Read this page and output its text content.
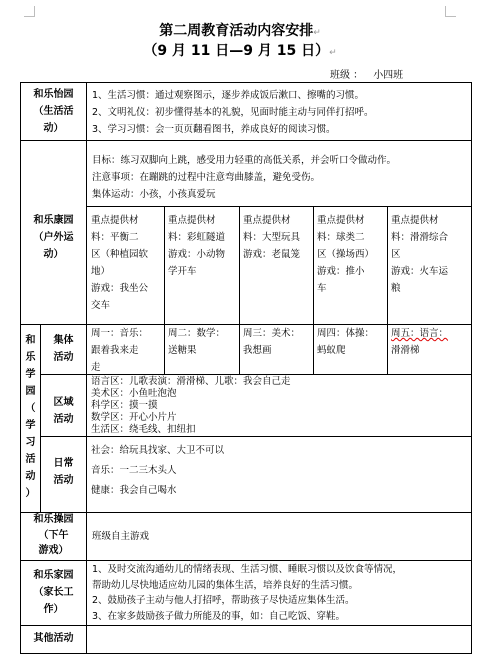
第二周教育活动内容安排↵
（9 月 11 日—9 月 15 日）↵
班级 ： 小四班
和乐怡园
（生活活
动）
1、生活习惯：通过观察图示，逐步养成饭后漱口、擦嘴的习惯。
2、文明礼仪：初步懂得基本的礼貌，见面时能主动与同伴打招呼。
3、学习习惯：会一页页翻看图书，养成良好的阅读习惯。
和乐康园
（户外运
动）
目标：练习双脚向上跳，感受用力轻重的高低关系，并会听口令做动作。
注意事项：在蹦跳的过程中注意弯曲膝盖，避免受伤。
集体运动：小孩，小孩真爱玩
重点提供材
料：平衡二
区（种植园软
地）
游戏：我坐公
交车
重点提供材
料：彩虹隧道
游戏：小动物
学开车
重点提供材
料：大型玩具
游戏：老鼠笼
重点提供材
料：球类二
区（操场西）
游戏：推小
车
重点提供材
料：滑滑综合
区
游戏：火车运
粮
和
乐
学
园
（
学
习
活
动
）
集体
活动
周一：音乐：
跟着我来走
走
周二：数学：
送糖果
周三：美术：
我想画
周四：体操：
蚂蚁爬
周五：语言：
滑滑梯
区域
活动
语言区：儿歌表演：滑滑梯、儿歌：我会自己走
美术区：小鱼吐泡泡
科学区：摸一摸
数学区：开心小片片
生活区：绕毛线、扣纽扣
日常
活动
社会：给玩具找家、大卫不可以
音乐：一二三木头人
健康：我会自己喝水
和乐操园
（下午
游戏）
班级自主游戏
和乐家园
（家长工
作）
1、及时交流沟通幼儿的情绪表现、生活习惯、睡眠习惯以及饮食等情况，
帮助幼儿尽快地适应幼儿园的集体生活，培养良好的生活习惯。
2、鼓励孩子主动与他人打招呼，帮助孩子尽快适应集体生活。
3、在家多鼓励孩子做力所能及的事，如：自己吃饭、穿鞋。
其他活动
